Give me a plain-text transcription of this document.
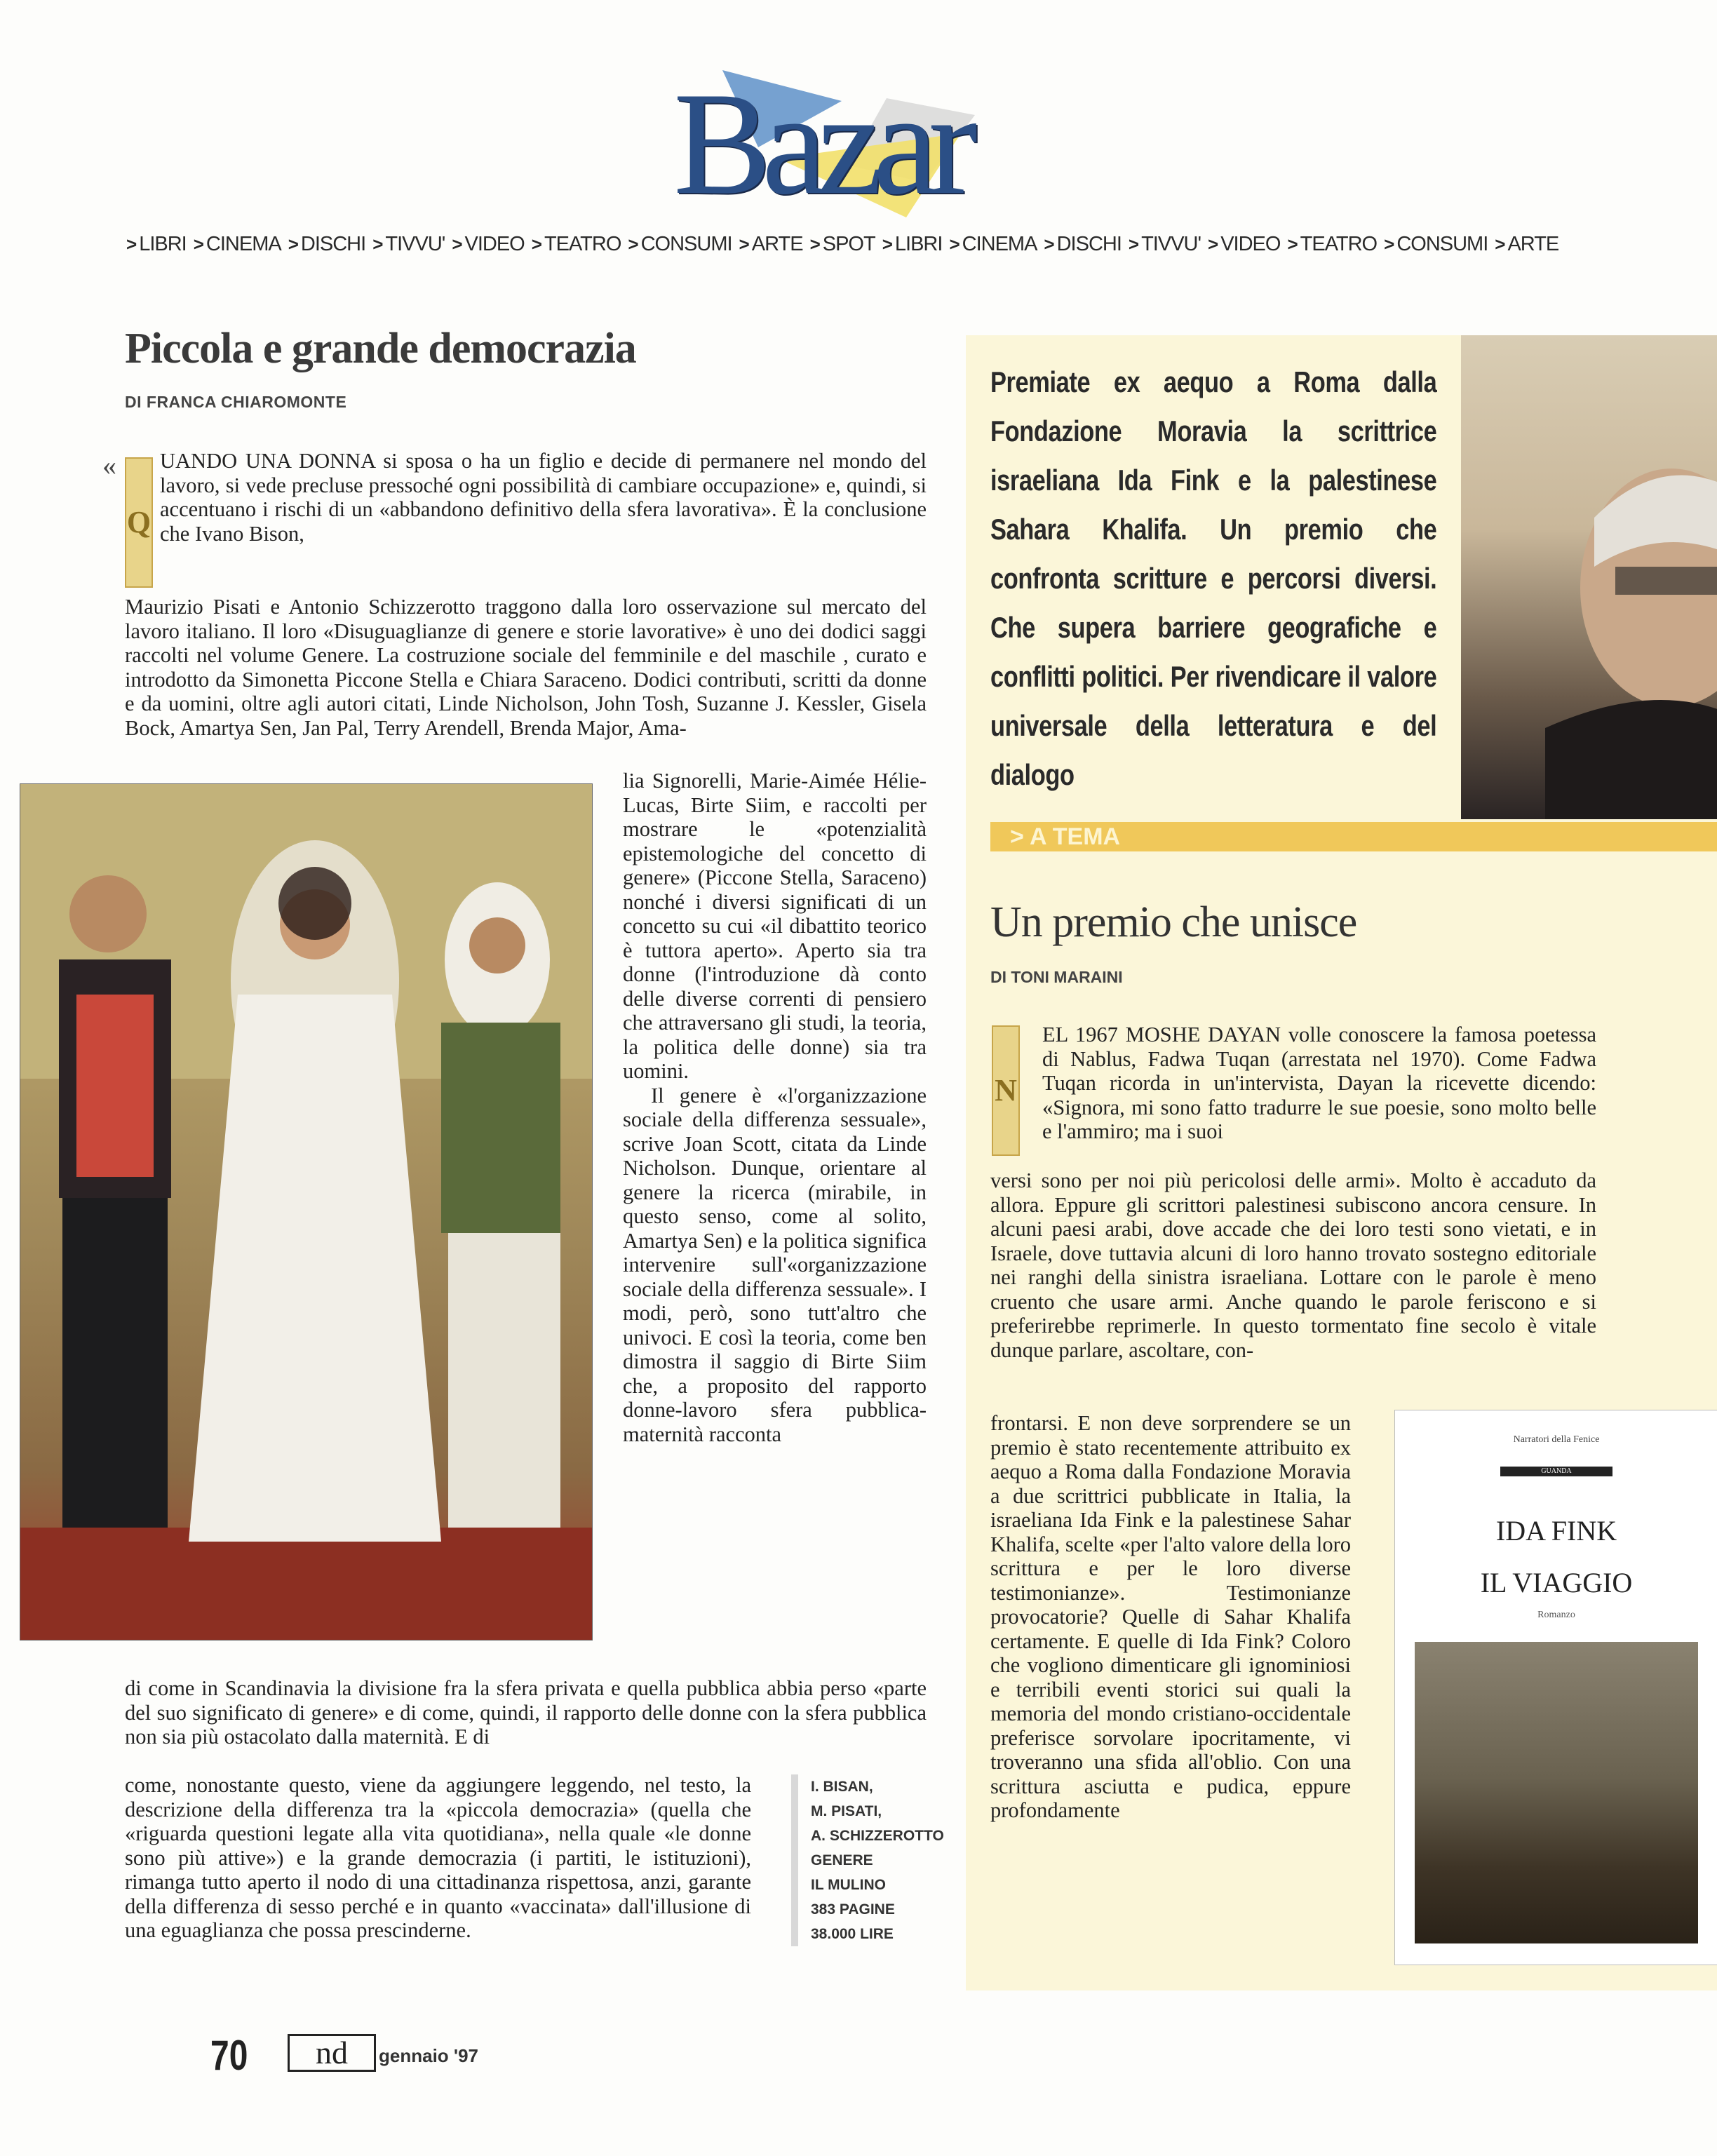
Bazar
> LIBRI > CINEMA > DISCHI > TIVVU' > VIDEO > TEATRO > CONSUMI > ARTE > SPOT > LIBRI > CINEMA > DISCHI > TIVVU' > VIDEO > TEATRO > CONSUMI > ARTE
Piccola e grande democrazia
DI FRANCA CHIAROMONTE
«
Q
UANDO UNA DONNA si sposa o ha un figlio e decide di permanere nel mondo del lavoro, si vede precluse pressoché ogni possibilità di cambiare occupazione» e, quindi, si accentuano i rischi di un «abbandono definitivo della sfera lavorativa». È la conclusione che Ivano Bison,
Maurizio Pisati e Antonio Schizzerotto traggono dalla loro osservazione sul mercato del lavoro italiano. Il loro «Disuguaglianze di genere e storie lavorative» è uno dei dodici saggi raccolti nel volume Genere. La costruzione sociale del femminile e del maschile , curato e introdotto da Simonetta Piccone Stella e Chiara Saraceno. Dodici contributi, scritti da donne e da uomini, oltre agli autori citati, Linde Nicholson, John Tosh, Suzanne J. Kessler, Gisela Bock, Amartya Sen, Jan Pal, Terry Arendell, Brenda Major, Ama-

lia Signorelli, Marie-Aimée Hélie-Lucas, Birte Siim, e raccolti per mostrare le «potenzialità epistemologiche del concetto di genere» (Piccone Stella, Saraceno) nonché i diversi significati di un concetto su cui «il dibattito teorico è tuttora aperto». Aperto sia tra donne (l'introduzione dà conto delle diverse correnti di pensiero che attraversano gli studi, la teoria, la politica delle donne) sia tra uomini.

Il genere è «l'organizzazione sociale della differenza sessuale», scrive Joan Scott, citata da Linde Nicholson. Dunque, orientare al genere la ricerca (mirabile, in questo senso, come al solito, Amartya Sen) e la politica significa intervenire sull'«organizzazione sociale della differenza sessuale». I modi, però, sono tutt'altro che univoci. E così la teoria, come ben dimostra il saggio di Birte Siim che, a proposito del rapporto donne-lavoro sfera pubblica-maternità racconta

di come in Scandinavia la divisione fra la sfera privata e quella pubblica abbia perso «parte del suo significato di genere» e di come, quindi, il rapporto delle donne con la sfera pubblica non sia più ostacolato dalla maternità. E di
come, nonostante questo, viene da aggiungere leggendo, nel testo, la descrizione della differenza tra la «piccola democrazia» (quella che «riguarda questioni legate alla vita quotidiana», nella quale «le donne sono più attive») e la grande democrazia (i partiti, le istituzioni), rimanga tutto aperto il nodo di una cittadinanza rispettosa, anzi, garante della differenza di sesso perché e in quanto «vaccinata» dall'illusione di una eguaglianza che possa prescinderne.
I. BISAN,
M. PISATI,
A. SCHIZZEROTTO
GENERE
IL MULINO
383 PAGINE
38.000 LIRE
Premiate ex aequo a Roma dalla Fondazione Moravia la scrittrice israeliana Ida Fink e la palestinese Sahara Khalifa. Un premio che confronta scritture e percorsi diversi. Che supera barriere geografiche e conflitti politici. Per rivendicare il valore universale della letteratura e del dialogo
> A TEMA
Un premio che unisce
DI TONI MARAINI
N
EL 1967 MOSHE DAYAN volle conoscere la famosa poetessa di Nablus, Fadwa Tuqan (arrestata nel 1970). Come Fadwa Tuqan ricorda in un'intervista, Dayan la ricevette dicendo: «Signora, mi sono fatto tradurre le sue poesie, sono molto belle e l'ammiro; ma i suoi
versi sono per noi più pericolosi delle armi». Molto è accaduto da allora. Eppure gli scrittori palestinesi subiscono ancora censure. In alcuni paesi arabi, dove accade che dei loro testi sono vietati, e in Israele, dove tuttavia alcuni di loro hanno trovato sostegno editoriale nei ranghi della sinistra israeliana. Lottare con le parole è meno cruento che usare armi. Anche quando le parole feriscono e si preferirebbe reprimerle. In questo tormentato fine secolo è vitale dunque parlare, ascoltare, con-
frontarsi. E non deve sorprendere se un premio è stato recentemente attribuito ex aequo a Roma dalla Fondazione Moravia a due scrittrici pubblicate in Italia, la israeliana Ida Fink e la palestinese Sahar Khalifa, scelte «per l'alto valore della loro scrittura e per le loro diverse testimonianze». Testimonianze provocatorie? Quelle di Sahar Khalifa certamente. E quelle di Ida Fink? Coloro che vogliono dimenticare gli ignominiosi e terribili eventi storici sui quali la memoria del mondo cristiano-occidentale preferisce sorvolare ipocritamente, vi troveranno una sfida all'oblio. Con una scrittura asciutta e pudica, eppure profondamente
Narratori della Fenice
GUANDA
IDA FINK
IL VIAGGIO
Romanzo
70	nd	gennaio '97
